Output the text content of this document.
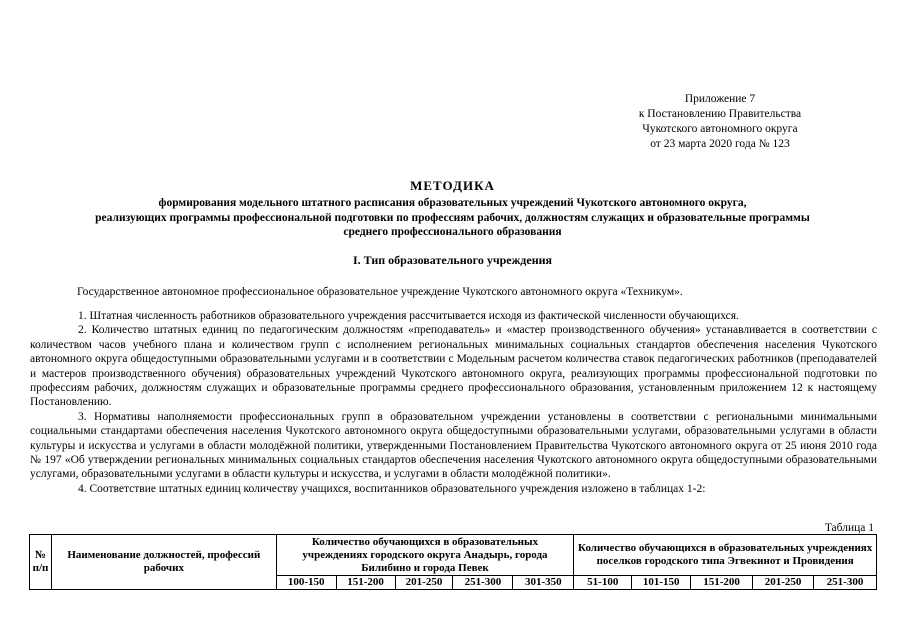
Приложение 7
к Постановлению Правительства
Чукотского автономного округа
от 23 марта 2020 года № 123
МЕТОДИКА
формирования модельного штатного расписания образовательных учреждений Чукотского автономного округа,
реализующих программы профессиональной подготовки по профессиям рабочих, должностям служащих и образовательные программы
среднего профессионального образования
I. Тип образовательного учреждения
Государственное автономное профессиональное образовательное учреждение Чукотского автономного округа «Техникум».

1. Штатная численность работников образовательного учреждения рассчитывается исходя из фактической численности обучающихся.

2. Количество штатных единиц по педагогическим должностям «преподаватель» и «мастер производственного обучения» устанавливается в соответствии с количеством часов учебного плана и количеством групп с исполнением региональных минимальных социальных стандартов обеспечения населения Чукотского автономного округа общедоступными образовательными услугами и в соответствии с Модельным расчетом количества ставок педагогических работников (преподавателей и мастеров производственного обучения) образовательных учреждений Чукотского автономного округа, реализующих программы профессиональной подготовки по профессиям рабочих, должностям служащих и образовательные программы среднего профессионального образования, установленным приложением 12 к настоящему Постановлению.

3. Нормативы наполняемости профессиональных групп в образовательном учреждении установлены в соответствии с региональными минимальными социальными стандартами обеспечения населения Чукотского автономного округа общедоступными образовательными услугами, образовательными услугами в области культуры и искусства и услугами в области молодёжной политики, утвержденными Постановлением Правительства Чукотского автономного округа от 25 июня 2010 года № 197 «Об утверждении региональных минимальных социальных стандартов обеспечения населения Чукотского автономного округа общедоступными образовательными услугами, образовательными услугами в области культуры и искусства, и услугами в области молодёжной политики».

4. Соответствие штатных единиц количеству учащихся, воспитанников образовательного учреждения изложено в таблицах 1-2:

Таблица 1
№ п/п	Наименование должностей, профессий рабочих	Количество обучающихся в образовательных учреждениях городского округа Анадырь, города Билибино и города Певек					Количество обучающихся в образовательных учреждениях поселков городского типа Эгвекинот и Провидения				
		100-150	151-200	201-250	251-300	301-350	51-100	101-150	151-200	201-250	251-300
